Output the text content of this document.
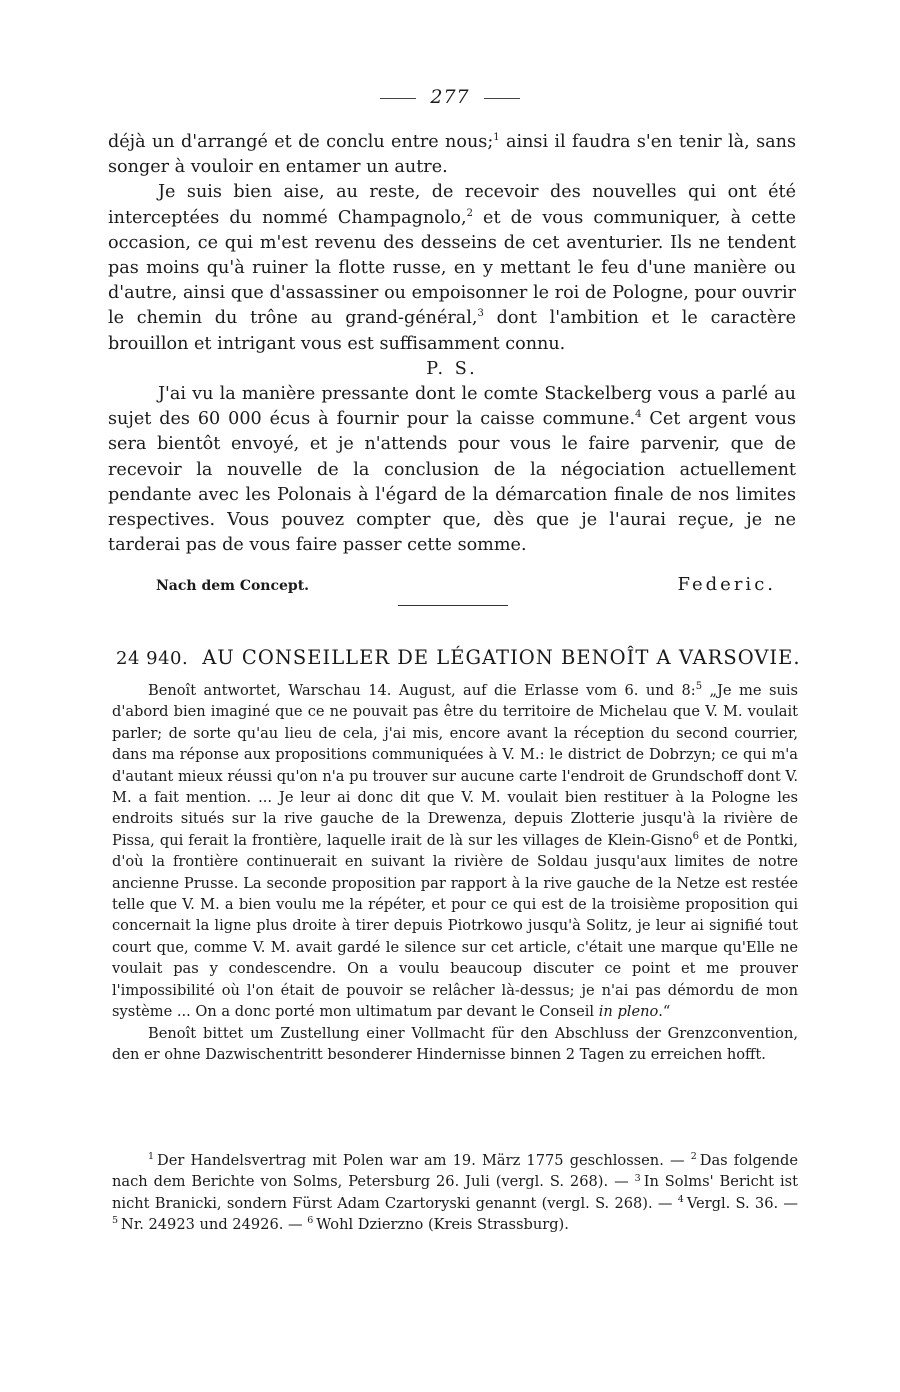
277

déjà un d'arrangé et de conclu entre nous;$^1$ ainsi il faudra s'en tenir là, sans songer à vouloir en entamer un autre.

Je suis bien aise, au reste, de recevoir des nouvelles qui ont été interceptées du nommé Champagnolo,$^2$ et de vous communiquer, à cette occasion, ce qui m'est revenu des desseins de cet aventurier. Ils ne tendent pas moins qu'à ruiner la flotte russe, en y mettant le feu d'une manière ou d'autre, ainsi que d'assassiner ou empoisonner le roi de Pologne, pour ouvrir le chemin du trône au grand-général,$^3$ dont l'ambition et le caractère brouillon et intrigant vous est suffisamment connu.

P. S.

J'ai vu la manière pressante dont le comte Stackelberg vous a parlé au sujet des 60 000 écus à fournir pour la caisse commune.$^4$ Cet argent vous sera bientôt envoyé, et je n'attends pour vous le faire parvenir, que de recevoir la nouvelle de la conclusion de la négociation actuellement pendante avec les Polonais à l'égard de la démarcation finale de nos limites respectives. Vous pouvez compter que, dès que je l'aurai reçue, je ne tarderai pas de vous faire passer cette somme.

Nach dem Concept.	Federic.
24 940. AU CONSEILLER DE LÉGATION BENOÎT A VARSOVIE.

Benoît antwortet, Warschau 14. August, auf die Erlasse vom 6. und 8:$^5$ „Je me suis d'abord bien imaginé que ce ne pouvait pas être du territoire de Michelau que V. M. voulait parler; de sorte qu'au lieu de cela, j'ai mis, encore avant la réception du second courrier, dans ma réponse aux propositions communiquées à V. M.: le district de Dobrzyn; ce qui m'a d'autant mieux réussi qu'on n'a pu trouver sur aucune carte l'endroit de Grundschoff dont V. M. a fait mention. ... Je leur ai donc dit que V. M. voulait bien restituer à la Pologne les endroits situés sur la rive gauche de la Drewenza, depuis Zlotterie jusqu'à la rivière de Pissa, qui ferait la frontière, laquelle irait de là sur les villages de Klein-Gisno$^6$ et de Pontki, d'où la frontière continuerait en suivant la rivière de Soldau jusqu'aux limites de notre ancienne Prusse. La seconde proposition par rapport à la rive gauche de la Netze est restée telle que V. M. a bien voulu me la répéter, et pour ce qui est de la troisième proposition qui concernait la ligne plus droite à tirer depuis Piotrkowo jusqu'à Solitz, je leur ai signifié tout court que, comme V. M. avait gardé le silence sur cet article, c'était une marque qu'Elle ne voulait pas y condescendre. On a voulu beaucoup discuter ce point et me prouver l'impossibilité où l'on était de pouvoir se relâcher là-dessus; je n'ai pas démordu de mon système ... On a donc porté mon ultimatum par devant le Conseil in pleno.“

Benoît bittet um Zustellung einer Vollmacht für den Abschluss der Grenzconvention, den er ohne Dazwischentritt besonderer Hindernisse binnen 2 Tagen zu erreichen hofft.

$^1$ Der Handelsvertrag mit Polen war am 19. März 1775 geschlossen. — $^2$ Das folgende nach dem Berichte von Solms, Petersburg 26. Juli (vergl. S. 268). — $^3$ In Solms' Bericht ist nicht Branicki, sondern Fürst Adam Czartoryski genannt (vergl. S. 268). — $^4$ Vergl. S. 36. — $^5$ Nr. 24923 und 24926. — $^6$ Wohl Dzierzno (Kreis Strassburg).
